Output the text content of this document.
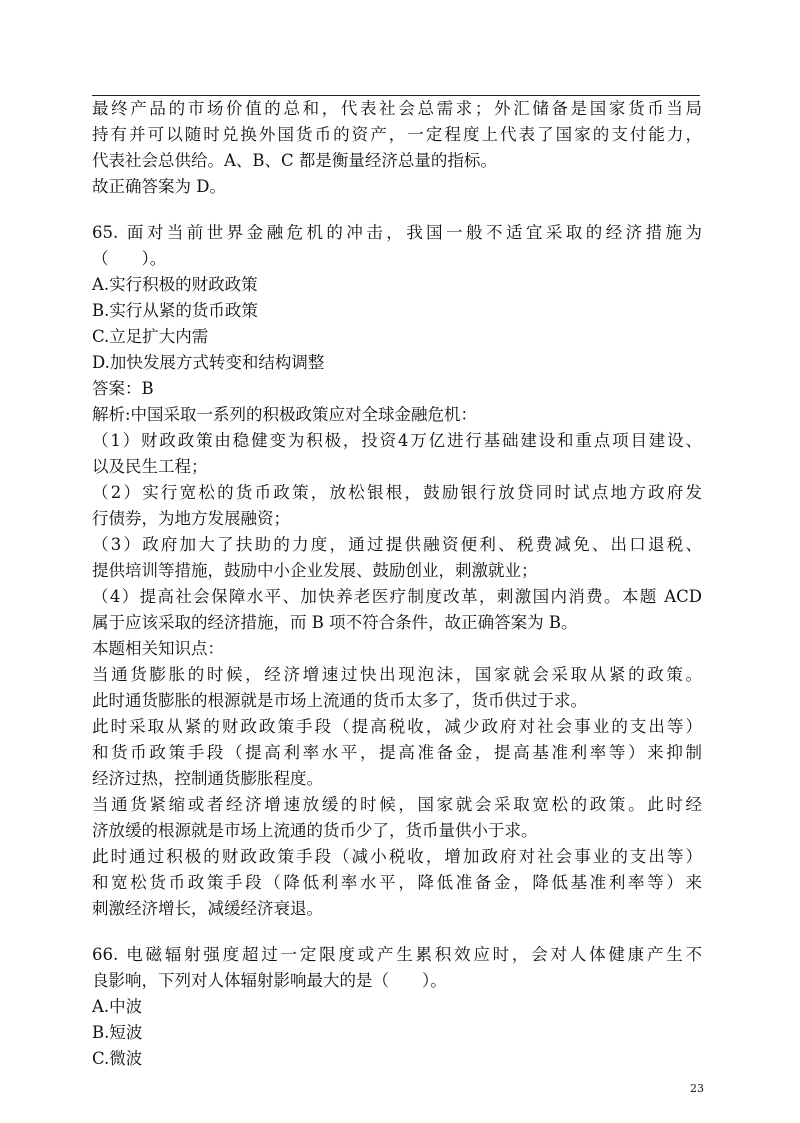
最终产品的市场价值的总和，代表社会总需求；外汇储备是国家货币当局
持有并可以随时兑换外国货币的资产，一定程度上代表了国家的支付能力，
代表社会总供给。A、B、C 都是衡量经济总量的指标。
故正确答案为 D。
65. 面对当前世界金融危机的冲击，我国一般不适宜采取的经济措施为
（　　）。
A.实行积极的财政政策
B.实行从紧的货币政策
C.立足扩大内需
D.加快发展方式转变和结构调整
答案：B
解析:中国采取一系列的积极政策应对全球金融危机：
（1）财政政策由稳健变为积极，投资4万亿进行基础建设和重点项目建设、
以及民生工程；
（2）实行宽松的货币政策，放松银根，鼓励银行放贷同时试点地方政府发
行债券，为地方发展融资；
（3）政府加大了扶助的力度，通过提供融资便利、税费减免、出口退税、
提供培训等措施，鼓励中小企业发展、鼓励创业，刺激就业；
（4）提高社会保障水平、加快养老医疗制度改革，刺激国内消费。本题 ACD
属于应该采取的经济措施，而 B 项不符合条件，故正确答案为 B。
本题相关知识点：
当通货膨胀的时候，经济增速过快出现泡沫，国家就会采取从紧的政策。
此时通货膨胀的根源就是市场上流通的货币太多了，货币供过于求。
此时采取从紧的财政政策手段（提高税收，减少政府对社会事业的支出等）
和货币政策手段（提高利率水平，提高准备金，提高基准利率等）来抑制
经济过热，控制通货膨胀程度。
当通货紧缩或者经济增速放缓的时候，国家就会采取宽松的政策。此时经
济放缓的根源就是市场上流通的货币少了，货币量供小于求。
此时通过积极的财政政策手段（减小税收，增加政府对社会事业的支出等）
和宽松货币政策手段（降低利率水平，降低准备金，降低基准利率等）来
刺激经济增长，减缓经济衰退。
66. 电磁辐射强度超过一定限度或产生累积效应时，会对人体健康产生不
良影响，下列对人体辐射影响最大的是（　　）。
A.中波
B.短波
C.微波
23
